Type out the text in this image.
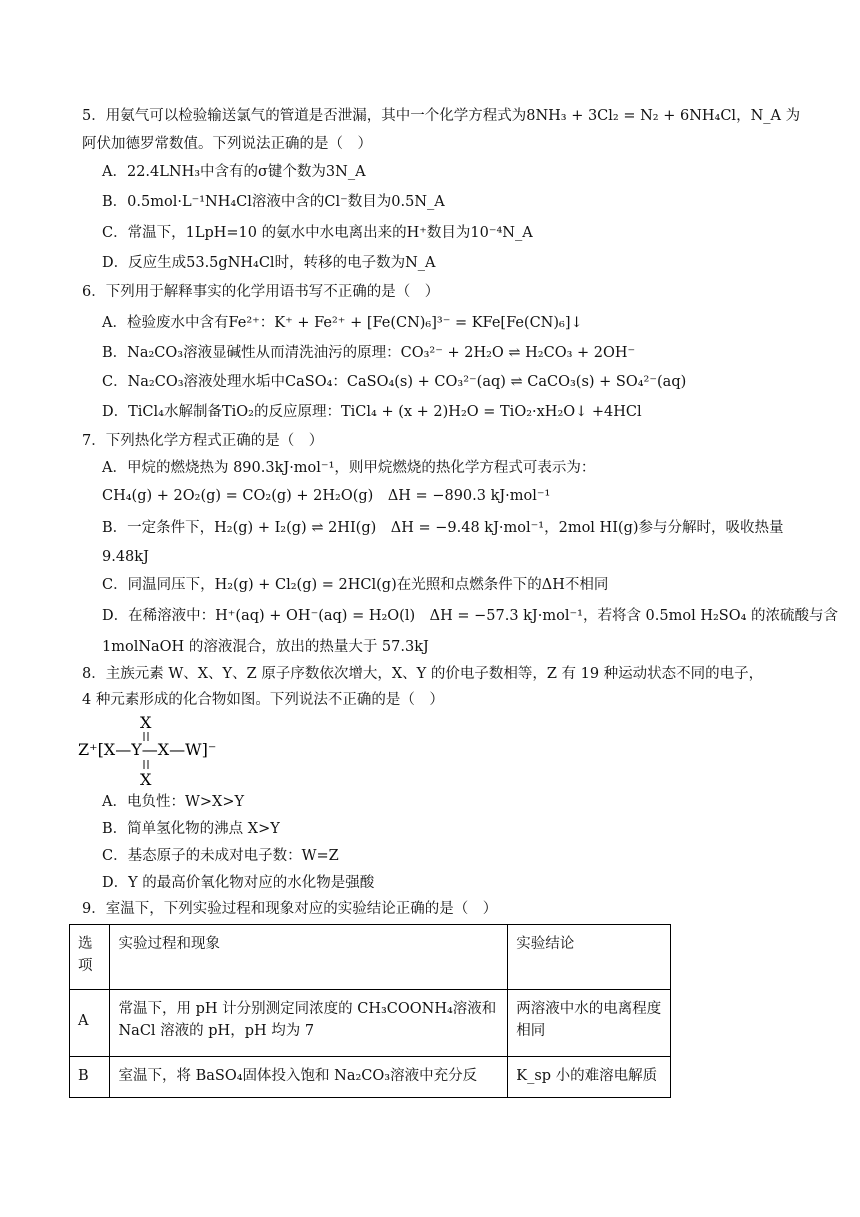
5．用氨气可以检验输送氯气的管道是否泄漏，其中一个化学方程式为8NH₃ + 3Cl₂ = N₂ + 6NH₄Cl，N_A 为
阿伏加德罗常数值。下列说法正确的是（　）
A．22.4LNH₃中含有的σ键个数为3N_A
B．0.5mol·L⁻¹NH₄Cl溶液中含的Cl⁻数目为0.5N_A
C．常温下，1LpH=10 的氨水中水电离出来的H⁺数目为10⁻⁴N_A
D．反应生成53.5gNH₄Cl时，转移的电子数为N_A
6．下列用于解释事实的化学用语书写不正确的是（　）
A．检验废水中含有Fe²⁺：K⁺ + Fe²⁺ + [Fe(CN)₆]³⁻ = KFe[Fe(CN)₆]↓
B．Na₂CO₃溶液显碱性从而清洗油污的原理：CO₃²⁻ + 2H₂O ⇌ H₂CO₃ + 2OH⁻
C．Na₂CO₃溶液处理水垢中CaSO₄：CaSO₄(s) + CO₃²⁻(aq) ⇌ CaCO₃(s) + SO₄²⁻(aq)
D．TiCl₄水解制备TiO₂的反应原理：TiCl₄ + (x + 2)H₂O = TiO₂·xH₂O↓ +4HCl
7．下列热化学方程式正确的是（　）
A．甲烷的燃烧热为 890.3kJ·mol⁻¹，则甲烷燃烧的热化学方程式可表示为：
CH₄(g) + 2O₂(g) = CO₂(g) + 2H₂O(g)　ΔH = −890.3 kJ·mol⁻¹
B．一定条件下，H₂(g) + I₂(g) ⇌ 2HI(g)　ΔH = −9.48 kJ·mol⁻¹，2mol HI(g)参与分解时，吸收热量
9.48kJ
C．同温同压下，H₂(g) + Cl₂(g) = 2HCl(g)在光照和点燃条件下的ΔH不相同
D．在稀溶液中：H⁺(aq) + OH⁻(aq) = H₂O(l)　ΔH = −57.3 kJ·mol⁻¹，若将含 0.5mol H₂SO₄ 的浓硫酸与含
1molNaOH 的溶液混合，放出的热量大于 57.3kJ
8．主族元素 W、X、Y、Z 原子序数依次增大，X、Y 的价电子数相等，Z 有 19 种运动状态不同的电子，
4 种元素形成的化合物如图。下列说法不正确的是（　）
X
Z⁺[X—Y—X—W]⁻
X
A．电负性：W>X>Y
B．简单氢化物的沸点 X>Y
C．基态原子的未成对电子数：W=Z
D．Y 的最高价氧化物对应的水化物是强酸
9．室温下，下列实验过程和现象对应的实验结论正确的是（　）
选项	实验过程和现象	实验结论

A	常温下，用 pH 计分别测定同浓度的 CH₃COONH₄溶液和 NaCl 溶液的 pH，pH 均为 7	两溶液中水的电离程度相同

B	室温下，将 BaSO₄固体投入饱和 Na₂CO₃溶液中充分反	K_sp 小的难溶电解质
